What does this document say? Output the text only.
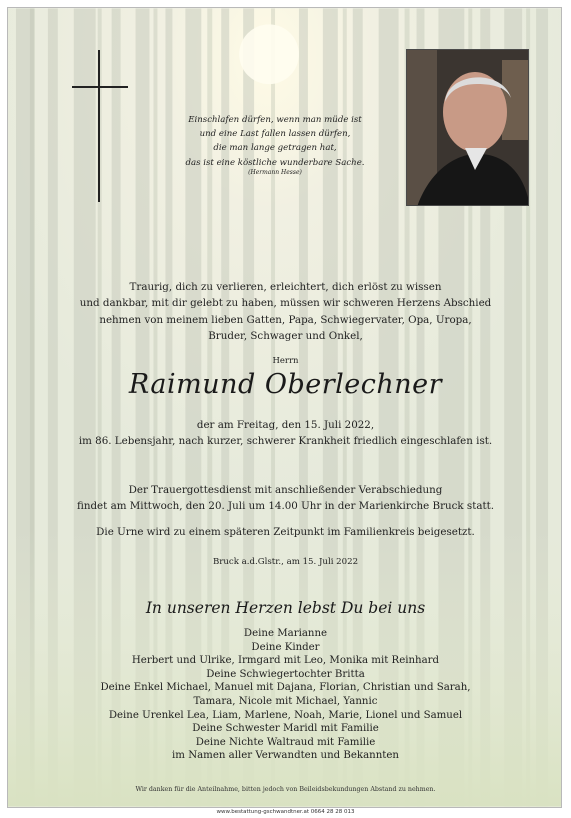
Einschlafen dürfen, wenn man müde ist
und eine Last fallen lassen dürfen,
die man lange getragen hat,
das ist eine köstliche wunderbare Sache.
(Hermann Hesse)
Traurig, dich zu verlieren, erleichtert, dich erlöst zu wissen
und dankbar, mit dir gelebt zu haben, müssen wir schweren Herzens Abschied
nehmen von meinem lieben Gatten, Papa, Schwiegervater, Opa, Uropa,
Bruder, Schwager und Onkel,
Herrn
Raimund Oberlechner
der am Freitag, den 15. Juli 2022,
im 86. Lebensjahr, nach kurzer, schwerer Krankheit friedlich eingeschlafen ist.
Der Trauergottesdienst mit anschließender Verabschiedung
findet am Mittwoch, den 20. Juli um 14.00 Uhr in der Marienkirche Bruck statt.
Die Urne wird zu einem späteren Zeitpunkt im Familienkreis beigesetzt.
Bruck a.d.Glstr., am 15. Juli 2022
In unseren Herzen lebst Du bei uns
Deine Marianne
Deine Kinder
Herbert und Ulrike, Irmgard mit Leo, Monika mit Reinhard
Deine Schwiegertochter Britta
Deine Enkel Michael, Manuel mit Dajana, Florian, Christian und Sarah,
Tamara, Nicole mit Michael, Yannic
Deine Urenkel Lea, Liam, Marlene, Noah, Marie, Lionel und Samuel
Deine Schwester Maridl mit Familie
Deine Nichte Waltraud mit Familie
im Namen aller Verwandten und Bekannten
Wir danken für die Anteilnahme, bitten jedoch von Beileidsbekundungen Abstand zu nehmen.
www.bestattung-gschwandtner.at 0664 28 28 013
